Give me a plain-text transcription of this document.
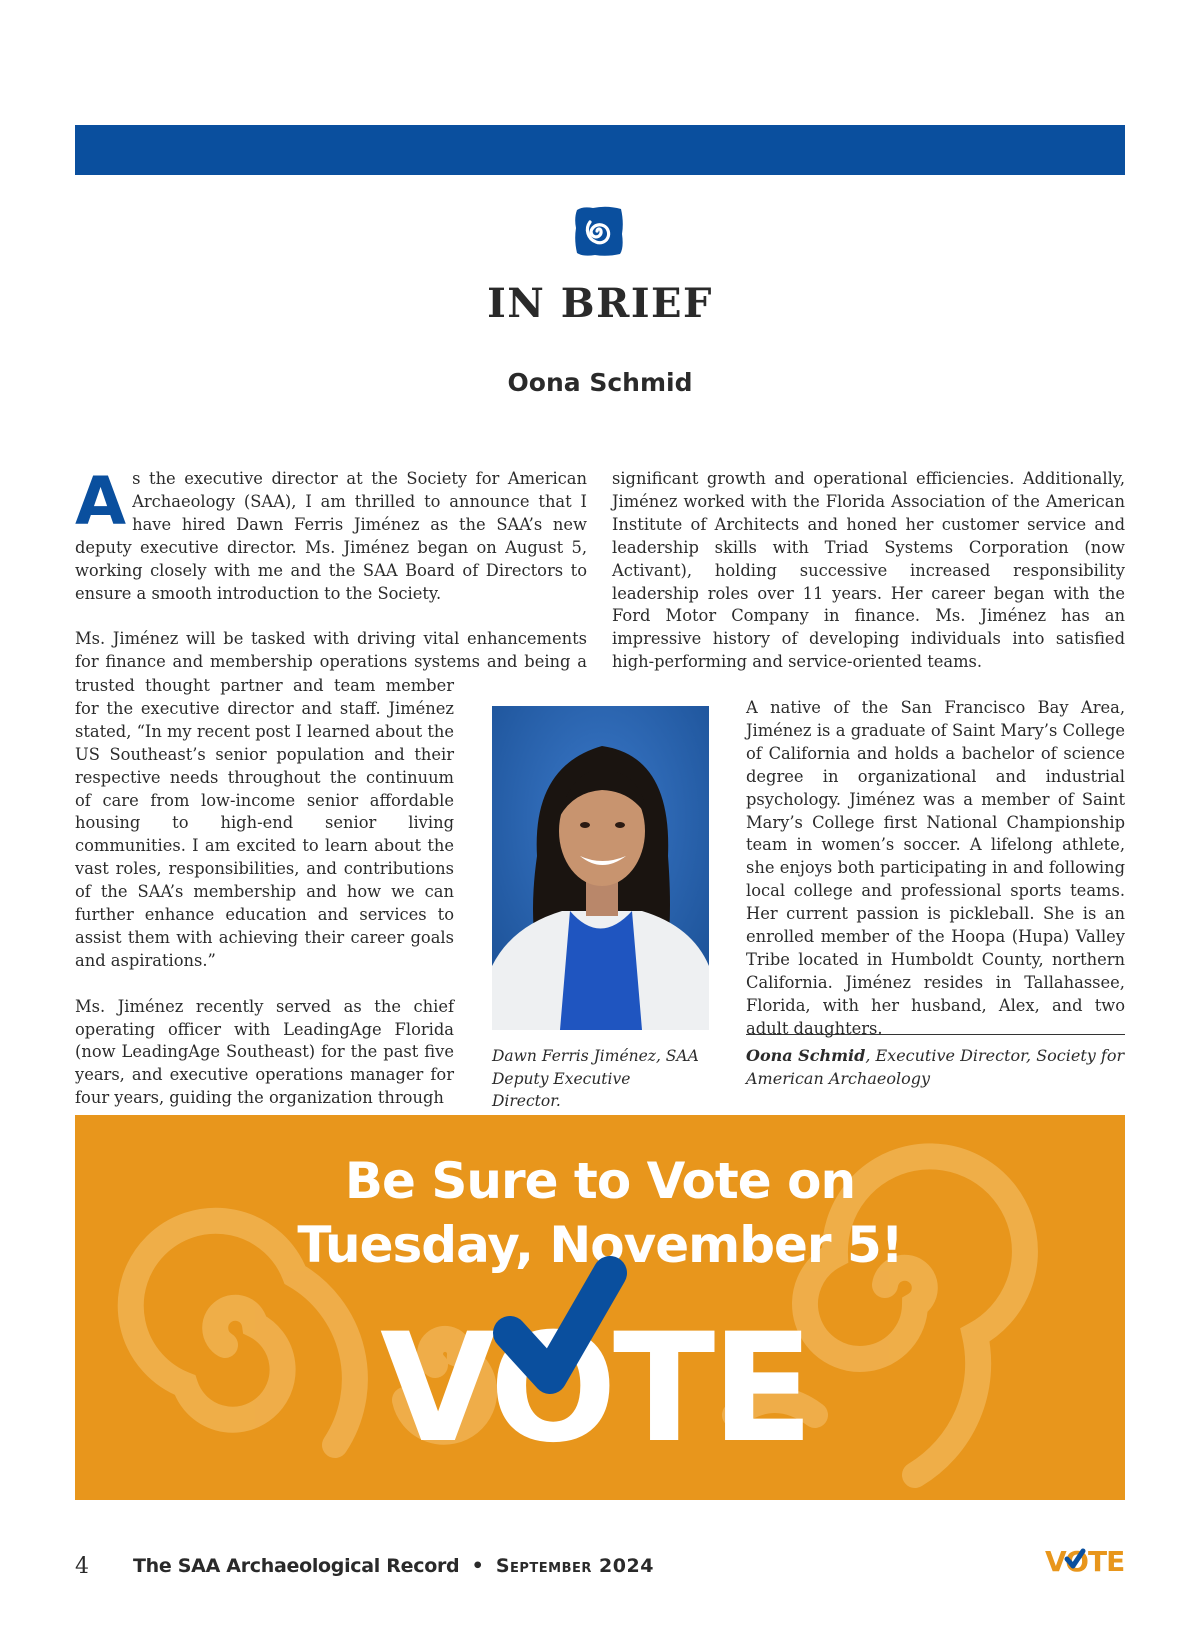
IN BRIEF
Oona Schmid

As the executive director at the Society for American Archaeology (SAA), I am thrilled to announce that I have hired Dawn Ferris Jiménez as the SAA’s new deputy executive director. Ms. Jiménez began on August 5, working closely with me and the SAA Board of Directors to ensure a smooth introduction to the Society.

Ms. Jiménez will be tasked with driving vital enhancements for finance and membership operations systems and being a

trusted thought partner and team member for the executive director and staff. Jiménez stated, “In my recent post I learned about the US Southeast’s senior population and their respective needs throughout the continuum of care from low-income senior affordable housing to high-end senior living communities. I am excited to learn about the vast roles, responsibilities, and contributions of the SAA’s membership and how we can further enhance education and services to assist them with achieving their career goals and aspirations.”

Ms. Jiménez recently served as the chief operating officer with LeadingAge Florida (now LeadingAge Southeast) for the past five years, and executive operations manager for four years, guiding the organization through

significant growth and operational efficiencies. Additionally, Jiménez worked with the Florida Association of the American Institute of Architects and honed her customer service and leadership skills with Triad Systems Corporation (now Activant), holding successive increased responsibility leadership roles over 11 years. Her career began with the Ford Motor Company in finance. Ms. Jiménez has an impressive history of developing individuals into satisfied high-performing and service-oriented teams.

Dawn Ferris Jiménez, SAA Deputy Executive Director.

A native of the San Francisco Bay Area, Jiménez is a graduate of Saint Mary’s College of California and holds a bachelor of science degree in organizational and industrial psychology. Jiménez was a member of Saint Mary’s College first National Championship team in women’s soccer. A lifelong athlete, she enjoys both participating in and following local college and professional sports teams. Her current passion is pickleball. She is an enrolled member of the Hoopa (Hupa) Valley Tribe located in Humboldt County, northern California. Jiménez resides in Tallahassee, Florida, with her husband, Alex, and two adult daughters.

Oona Schmid, Executive Director, Society for American Archaeology
Be Sure to Vote on
Tuesday, November 5!
VOTE
4 The SAA Archaeological Record • September 2024	VOTE
